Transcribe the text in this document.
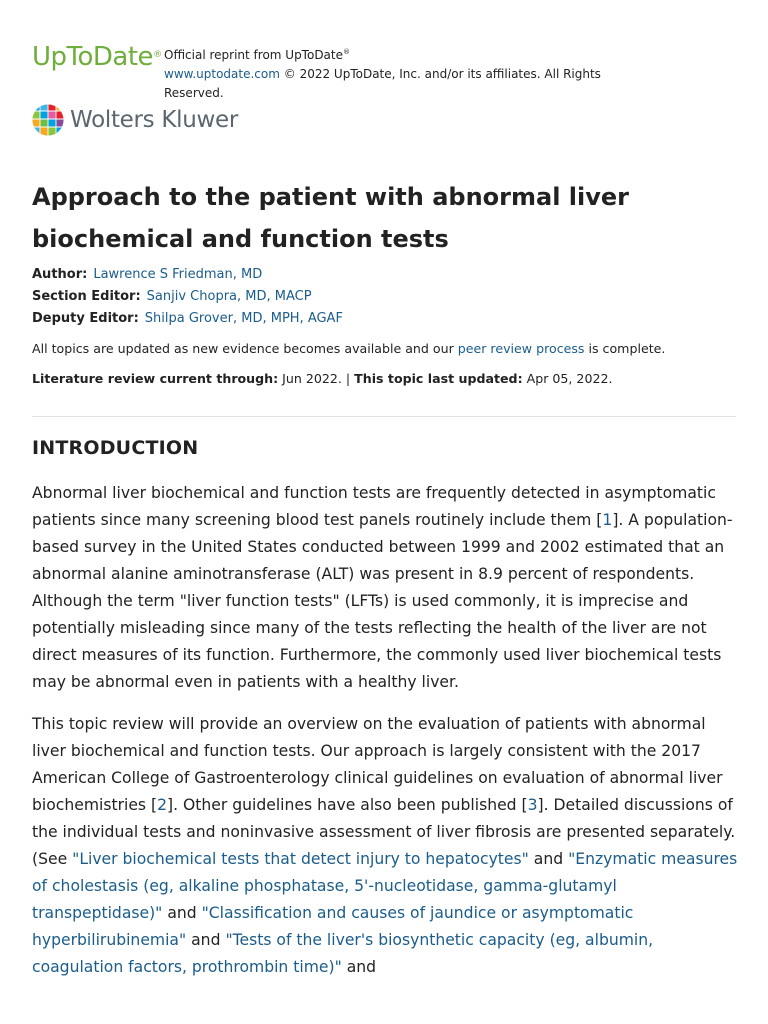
UpToDate® Official reprint from UpToDate®
www.uptodate.com © 2022 UpToDate, Inc. and/or its affiliates. All Rights Reserved.
Wolters Kluwer
Approach to the patient with abnormal liver biochemical and function tests
Author: Lawrence S Friedman, MD
Section Editor: Sanjiv Chopra, MD, MACP
Deputy Editor: Shilpa Grover, MD, MPH, AGAF
All topics are updated as new evidence becomes available and our peer review process is complete.
Literature review current through: Jun 2022. | This topic last updated: Apr 05, 2022.
INTRODUCTION

Abnormal liver biochemical and function tests are frequently detected in asymptomatic patients since many screening blood test panels routinely include them [1]. A population-based survey in the United States conducted between 1999 and 2002 estimated that an abnormal alanine aminotransferase (ALT) was present in 8.9 percent of respondents. Although the term "liver function tests" (LFTs) is used commonly, it is imprecise and potentially misleading since many of the tests reflecting the health of the liver are not direct measures of its function. Furthermore, the commonly used liver biochemical tests may be abnormal even in patients with a healthy liver.

This topic review will provide an overview on the evaluation of patients with abnormal liver biochemical and function tests. Our approach is largely consistent with the 2017 American College of Gastroenterology clinical guidelines on evaluation of abnormal liver biochemistries [2]. Other guidelines have also been published [3]. Detailed discussions of the individual tests and noninvasive assessment of liver fibrosis are presented separately. (See "Liver biochemical tests that detect injury to hepatocytes" and "Enzymatic measures of cholestasis (eg, alkaline phosphatase, 5'-nucleotidase, gamma-glutamyl transpeptidase)" and "Classification and causes of jaundice or asymptomatic hyperbilirubinemia" and "Tests of the liver's biosynthetic capacity (eg, albumin, coagulation factors, prothrombin time)" and
